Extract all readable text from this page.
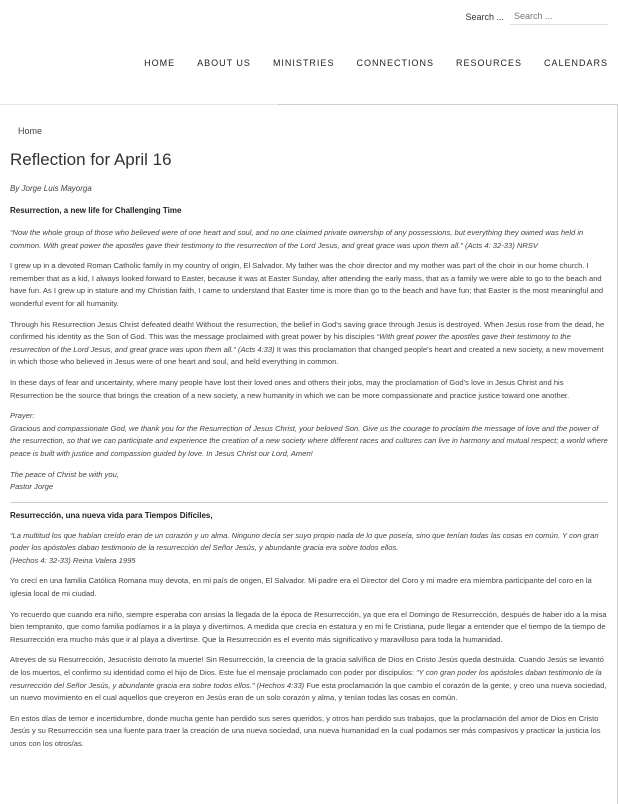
Search ...
Search ...
HOME ABOUT US MINISTRIES CONNECTIONS RESOURCES CALENDARS
Home
Reflection for April 16
By Jorge Luis Mayorga
Resurrection, a new life for Challenging Time

“Now the whole group of those who believed were of one heart and soul, and no one claimed private ownership of any possessions, but everything they owned was held in common. With great power the apostles gave their testimony to the resurrection of the Lord Jesus, and great grace was upon them all.” (Acts 4: 32-33) NRSV

I grew up in a devoted Roman Catholic family in my country of origin, El Salvador. My father was the choir director and my mother was part of the choir in our home church. I remember that as a kid, I always looked forward to Easter, because it was at Easter Sunday, after attending the early mass, that as a family we were able to go to the beach and have fun. As I grew up in stature and my Christian faith, I came to understand that Easter time is more than go to the beach and have fun; that Easter is the most meaningful and wonderful event for all humanity.

Through his Resurrection Jesus Christ defeated death! Without the resurrection, the belief in God’s saving grace through Jesus is destroyed. When Jesus rose from the dead, he confirmed his identity as the Son of God. This was the message proclaimed with great power by his disciples “With great power the apostles gave their testimony to the resurrection of the Lord Jesus, and great grace was upon them all.” (Acts 4:33) It was this proclamation that changed people’s heart and created a new society, a new movement in which those who believed in Jesus were of one heart and soul, and held everything in common.

In these days of fear and uncertainty, where many people have lost their loved ones and others their jobs, may the proclamation of God’s love in Jesus Christ and his Resurrection be the source that brings the creation of a new society, a new humanity in which we can be more compassionate and practice justice toward one another.

Prayer:

Gracious and compassionate God, we thank you for the Resurrection of Jesus Christ, your beloved Son. Give us the courage to proclaim the message of love and the power of the resurrection, so that we can participate and experience the creation of a new society where different races and cultures can live in harmony and mutual respect; a world where peace is built with justice and compassion guided by love. In Jesus Christ our Lord, Amen!

The peace of Christ be with you,

Pastor Jorge

Resurrección, una nueva vida para Tiempos Difíciles,

“La multitud los que habían creído eran de un corazón y un alma. Ninguno decía ser suyo propio nada de lo que poseía, sino que tenían todas las cosas en común. Y con gran poder los apóstoles daban testimonio de la resurrección del Señor Jesús, y abundante gracia era sobre todos ellos.

(Hechos 4: 32-33) Reina Valera 1995

Yo crecí en una familia Católica Romana muy devota, en mi país de origen, El Salvador. Mi padre era el Director del Coro y mi madre era miembra participante del coro en la iglesia local de mi ciudad.

Yo recuerdo que cuando era niño, siempre esperaba con ansias la llegada de la época de Resurrección, ya que era el Domingo de Resurrección, después de haber ido a la misa bien tempranito, que como familia podíamos ir a la playa y divertirnos. A medida que crecía en estatura y en mi fe Cristiana, pude llegar a entender que el tiempo de la tiempo de Resurrección era mucho más que ir al playa a divertirse. Que la Resurrección es el evento más significativo y maravilloso para toda la humanidad.

Atreves de su Resurrección, Jesucristo derroto la muerte! Sin Resurrección, la creencia de la gracia salvífica de Dios en Cristo Jesús queda destruida. Cuando Jesús se levantó de los muertos, el confirmo su identidad como el hijo de Dios. Este fue el mensaje proclamado con poder por discipulos: “Y con gran poder los apóstoles daban testimonio de la resurrección del Señor Jesús, y abundante gracia era sobre todos ellos.” (Hechos 4:33) Fue esta proclamación la que cambio el corazón de la gente, y creo una nueva sociedad, un nuevo movimiento en el cual aquellos que creyeron en Jesús eran de un solo corazón y alma, y tenían todas las cosas en común.

En estos días de temor e incertidumbre, donde mucha gente han perdido sus seres queridos, y otros han perdido sus trabajos, que la proclamación del amor de Dios en Cristo Jesús y su Resurrección sea una fuente para traer la creación de una nueva sociedad, una nueva humanidad en la cual podamos ser más compasivos y practicar la justicia los unos con los otros/as.
